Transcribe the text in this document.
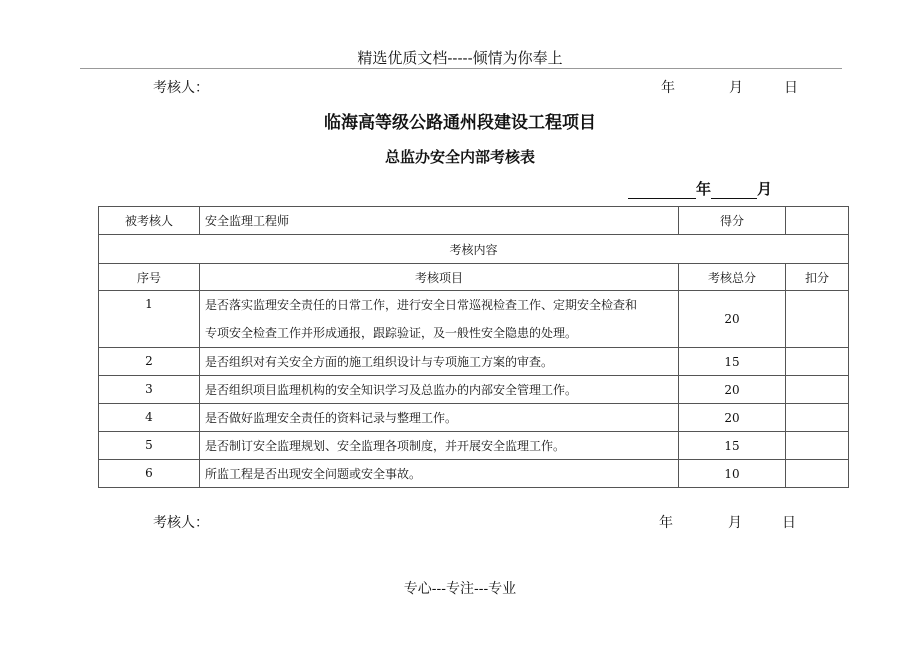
精选优质文档-----倾情为你奉上
考核人：	年	月	日
临海高等级公路通州段建设工程项目
总监办安全内部考核表
年	月
被考核人	安全监理工程师	得分	
考核内容			
序号	考核项目	考核总分	扣分
1	是否落实监理安全责任的日常工作，进行安全日常巡视检查工作、定期安全检查和
专项安全检查工作并形成通报，跟踪验证，及一般性安全隐患的处理。	20	
2	是否组织对有关安全方面的施工组织设计与专项施工方案的审查。	15	
3	是否组织项目监理机构的安全知识学习及总监办的内部安全管理工作。	20	
4	是否做好监理安全责任的资料记录与整理工作。	20	
5	是否制订安全监理规划、安全监理各项制度，并开展安全监理工作。	15	
6	所监工程是否出现安全问题或安全事故。	10	
考核人：	年	月	日
专心---专注---专业
